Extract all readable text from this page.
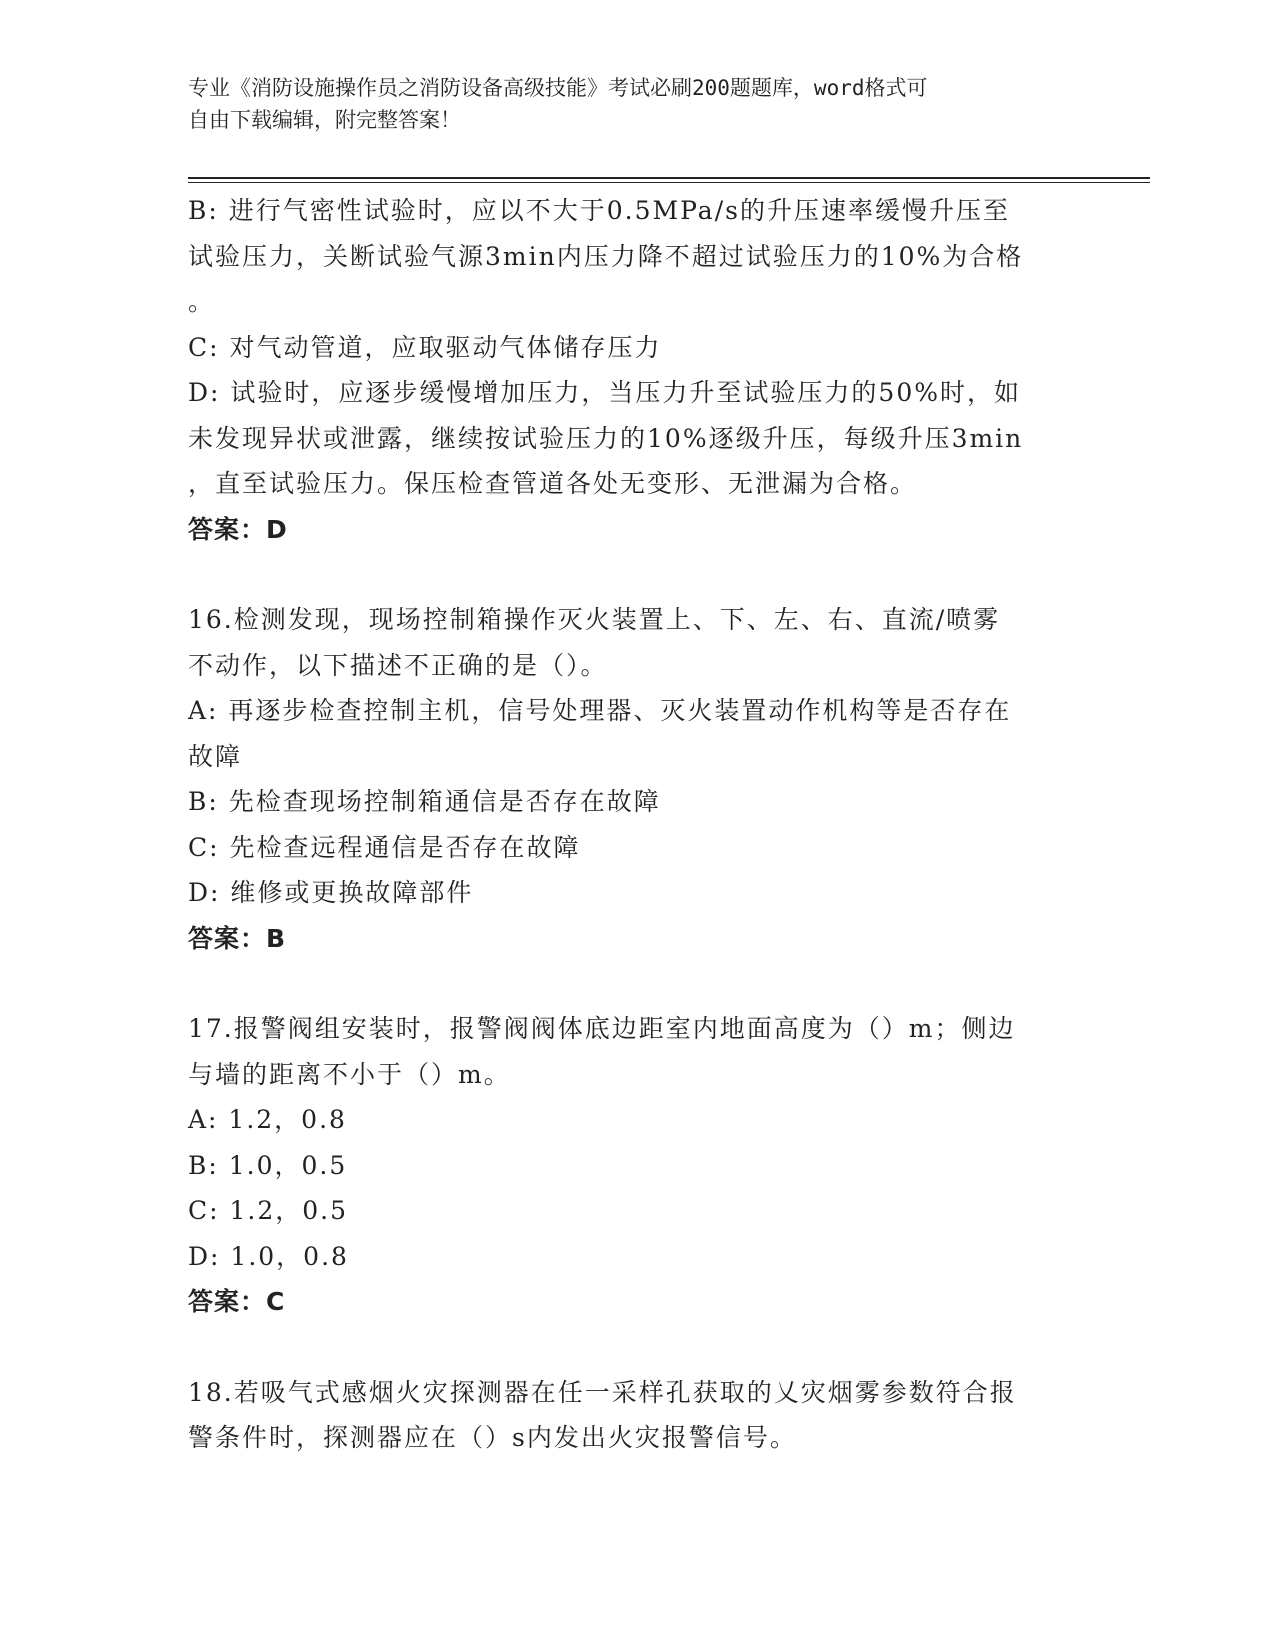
专业《消防设施操作员之消防设备高级技能》考试必刷200题题库，word格式可
自由下载编辑，附完整答案！
B: 进行气密性试验时，应以不大于0.5MPa/s的升压速率缓慢升压至
试验压力，关断试验气源3min内压力降不超过试验压力的10%为合格
。
C: 对气动管道，应取驱动气体储存压力
D: 试验时，应逐步缓慢增加压力，当压力升至试验压力的50%时，如
未发现异状或泄露，继续按试验压力的10%逐级升压，每级升压3min
，直至试验压力。保压检查管道各处无变形、无泄漏为合格。
答案：D
16.检测发现，现场控制箱操作灭火装置上、下、左、右、直流/喷雾
不动作，以下描述不正确的是（）。
A: 再逐步检查控制主机，信号处理器、灭火装置动作机构等是否存在
故障
B: 先检查现场控制箱通信是否存在故障
C: 先检查远程通信是否存在故障
D: 维修或更换故障部件
答案：B
17.报警阀组安装时，报警阀阀体底边距室内地面高度为（）m；侧边
与墙的距离不小于（）m。
A: 1.2，0.8
B: 1.0，0.5
C: 1.2，0.5
D: 1.0，0.8
答案：C
18.若吸气式感烟火灾探测器在任一采样孔获取的乂灾烟雾参数符合报
警条件时，探测器应在（）s内发出火灾报警信号。
